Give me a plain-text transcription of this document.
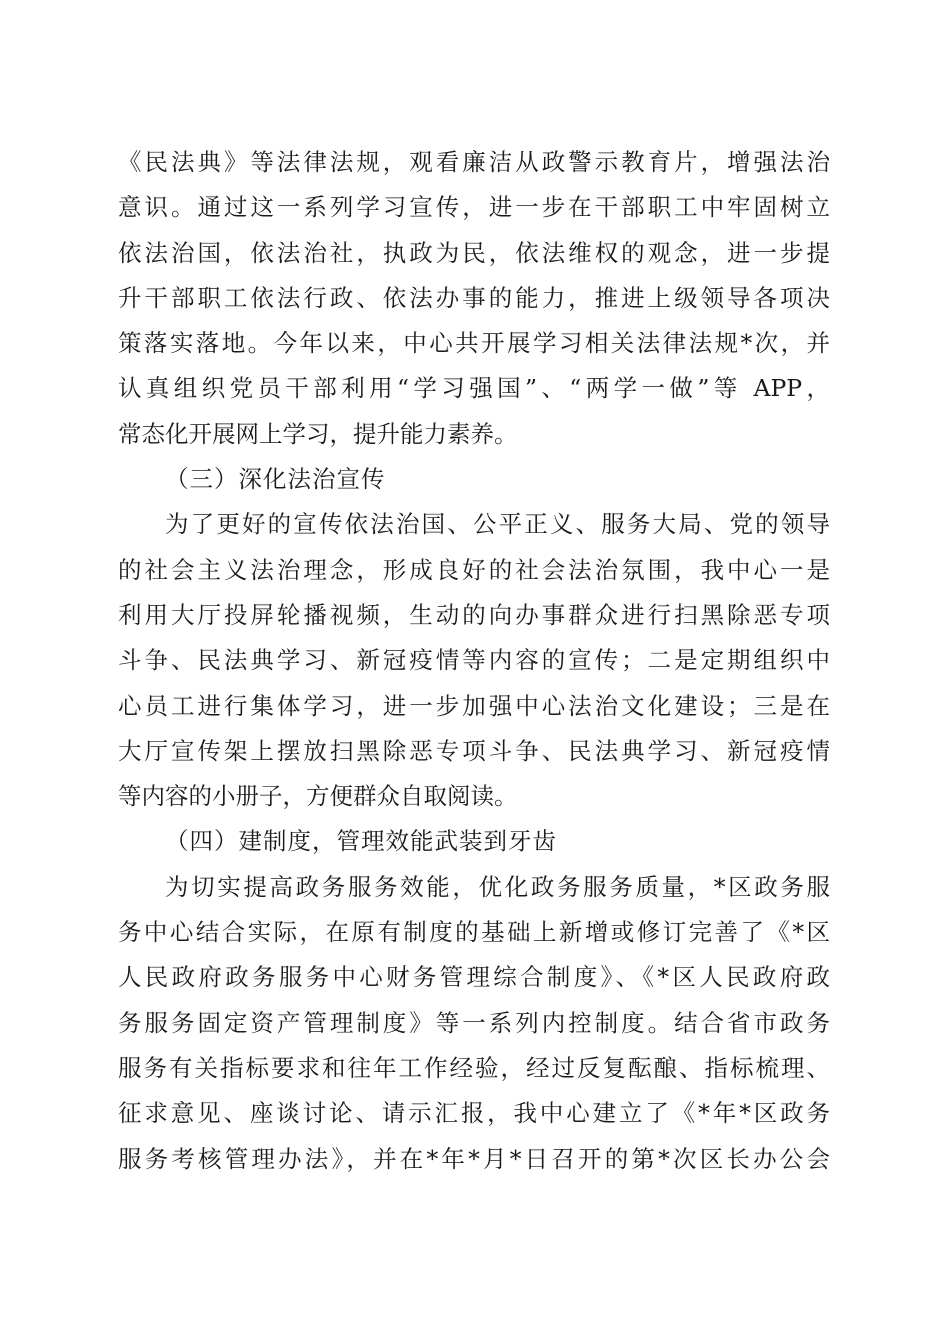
《民法典》等法律法规，观看廉洁从政警示教育片，增强法治
意识。通过这一系列学习宣传，进一步在干部职工中牢固树立
依法治国，依法治社，执政为民，依法维权的观念，进一步提
升干部职工依法行政、依法办事的能力，推进上级领导各项决
策落实落地。今年以来，中心共开展学习相关法律法规*次，并
认真组织党员干部利用“学习强国”、“两学一做”等 APP，
常态化开展网上学习，提升能力素养。
（三）深化法治宣传
为了更好的宣传依法治国、公平正义、服务大局、党的领导
的社会主义法治理念，形成良好的社会法治氛围，我中心一是
利用大厅投屏轮播视频，生动的向办事群众进行扫黑除恶专项
斗争、民法典学习、新冠疫情等内容的宣传；二是定期组织中
心员工进行集体学习，进一步加强中心法治文化建设；三是在
大厅宣传架上摆放扫黑除恶专项斗争、民法典学习、新冠疫情
等内容的小册子，方便群众自取阅读。
（四）建制度，管理效能武装到牙齿
为切实提高政务服务效能，优化政务服务质量，*区政务服
务中心结合实际，在原有制度的基础上新增或修订完善了《*区
人民政府政务服务中心财务管理综合制度》、《*区人民政府政
务服务固定资产管理制度》等一系列内控制度。结合省市政务
服务有关指标要求和往年工作经验，经过反复酝酿、指标梳理、
征求意见、座谈讨论、请示汇报，我中心建立了《*年*区政务
服务考核管理办法》，并在*年*月*日召开的第*次区长办公会
